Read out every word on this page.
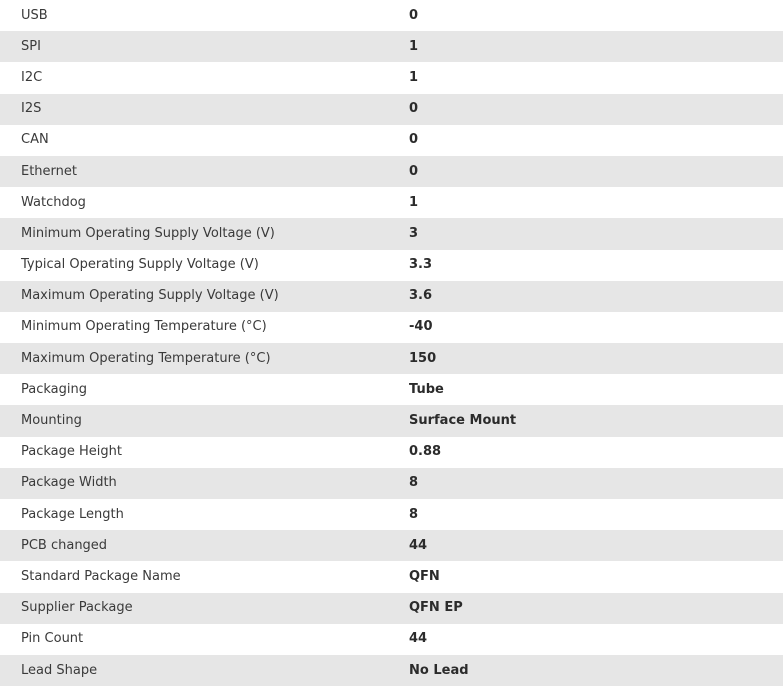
USB	0
SPI	1
I2C	1
I2S	0
CAN	0
Ethernet	0
Watchdog	1
Minimum Operating Supply Voltage (V)	3
Typical Operating Supply Voltage (V)	3.3
Maximum Operating Supply Voltage (V)	3.6
Minimum Operating Temperature (°C)	-40
Maximum Operating Temperature (°C)	150
Packaging	Tube
Mounting	Surface Mount
Package Height	0.88
Package Width	8
Package Length	8
PCB changed	44
Standard Package Name	QFN
Supplier Package	QFN EP
Pin Count	44
Lead Shape	No Lead
